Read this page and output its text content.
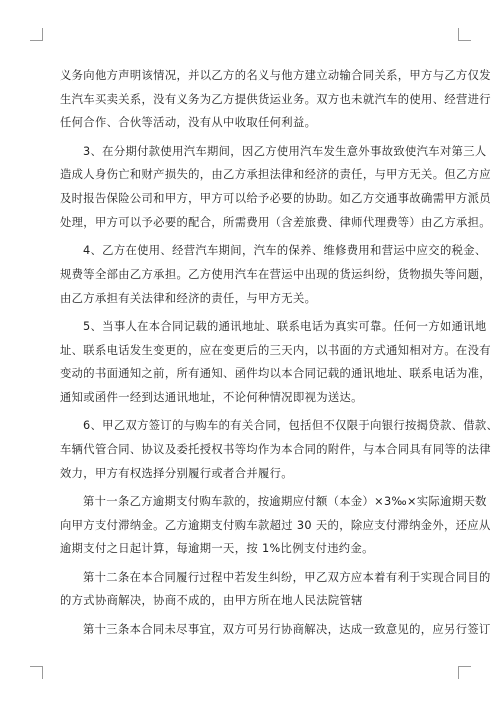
义务向他方声明该情况，并以乙方的名义与他方建立动输合同关系，甲方与乙方仅发
生汽车买卖关系，没有义务为乙方提供货运业务。双方也未就汽车的使用、经营进行
任何合作、合伙等活动，没有从中收取任何利益。

3、在分期付款使用汽车期间，因乙方使用汽车发生意外事故致使汽车对第三人
造成人身伤亡和财产损失的，由乙方承担法律和经济的责任，与甲方无关。但乙方应
及时报告保险公司和甲方，甲方可以给予必要的协助。如乙方交通事故确需甲方派员
处理，甲方可以予必要的配合，所需费用（含差旅费、律师代理费等）由乙方承担。

4、乙方在使用、经营汽车期间，汽车的保养、维修费用和营运中应交的税金、
规费等全部由乙方承担。乙方使用汽车在营运中出现的货运纠纷，货物损失等问题，
由乙方承担有关法律和经济的责任，与甲方无关。

5、当事人在本合同记载的通讯地址、联系电话为真实可靠。任何一方如通讯地
址、联系电话发生变更的，应在变更后的三天内，以书面的方式通知相对方。在没有
变动的书面通知之前，所有通知、函件均以本合同记载的通讯地址、联系电话为准，
通知或函件一经到达通讯地址，不论何种情况即视为送达。

6、甲乙双方签订的与购车的有关合同，包括但不仅限于向银行按揭贷款、借款、
车辆代管合同、协议及委托授权书等均作为本合同的附件，与本合同具有同等的法律
效力，甲方有权选择分别履行或者合并履行。

第十一条乙方逾期支付购车款的，按逾期应付额（本金）×3‰×实际逾期天数
向甲方支付滞纳金。乙方逾期支付购车款超过 30 天的，除应支付滞纳金外，还应从
逾期支付之日起计算，每逾期一天，按 1%比例支付违约金。

第十二条在本合同履行过程中若发生纠纷，甲乙双方应本着有利于实现合同目的
的方式协商解决，协商不成的，由甲方所在地人民法院管辖

第十三条本合同未尽事宜，双方可另行协商解决，达成一致意见的，应另行签订
